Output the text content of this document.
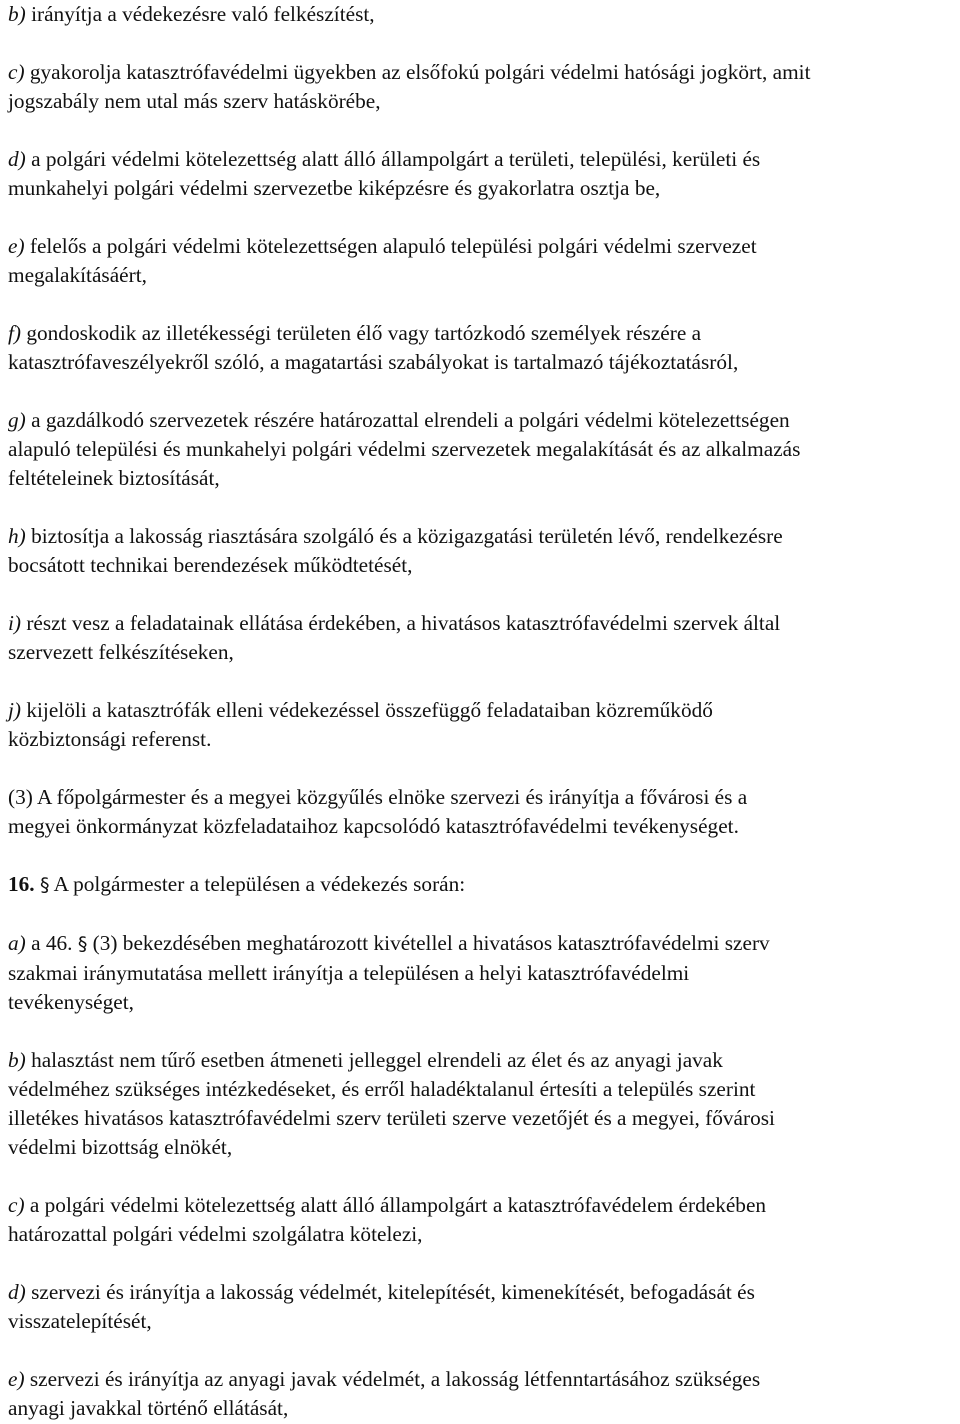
b) irányítja a védekezésre való felkészítést,

c) gyakorolja katasztrófavédelmi ügyekben az elsőfokú polgári védelmi hatósági jogkört, amit
jogszabály nem utal más szerv hatáskörébe,

d) a polgári védelmi kötelezettség alatt álló állampolgárt a területi, települési, kerületi és
munkahelyi polgári védelmi szervezetbe kiképzésre és gyakorlatra osztja be,

e) felelős a polgári védelmi kötelezettségen alapuló települési polgári védelmi szervezet
megalakításáért,

f) gondoskodik az illetékességi területen élő vagy tartózkodó személyek részére a
katasztrófaveszélyekről szóló, a magatartási szabályokat is tartalmazó tájékoztatásról,

g) a gazdálkodó szervezetek részére határozattal elrendeli a polgári védelmi kötelezettségen
alapuló települési és munkahelyi polgári védelmi szervezetek megalakítását és az alkalmazás
feltételeinek biztosítását,

h) biztosítja a lakosság riasztására szolgáló és a közigazgatási területén lévő, rendelkezésre
bocsátott technikai berendezések működtetését,

i) részt vesz a feladatainak ellátása érdekében, a hivatásos katasztrófavédelmi szervek által
szervezett felkészítéseken,

j) kijelöli a katasztrófák elleni védekezéssel összefüggő feladataiban közreműködő
közbiztonsági referenst.

(3) A főpolgármester és a megyei közgyűlés elnöke szervezi és irányítja a fővárosi és a
megyei önkormányzat közfeladataihoz kapcsolódó katasztrófavédelmi tevékenységet.

16. § A polgármester a településen a védekezés során:

a) a 46. § (3) bekezdésében meghatározott kivétellel a hivatásos katasztrófavédelmi szerv
szakmai iránymutatása mellett irányítja a településen a helyi katasztrófavédelmi
tevékenységet,

b) halasztást nem tűrő esetben átmeneti jelleggel elrendeli az élet és az anyagi javak
védelméhez szükséges intézkedéseket, és erről haladéktalanul értesíti a település szerint
illetékes hivatásos katasztrófavédelmi szerv területi szerve vezetőjét és a megyei, fővárosi
védelmi bizottság elnökét,

c) a polgári védelmi kötelezettség alatt álló állampolgárt a katasztrófavédelem érdekében
határozattal polgári védelmi szolgálatra kötelezi,

d) szervezi és irányítja a lakosság védelmét, kitelepítését, kimenekítését, befogadását és
visszatelepítését,

e) szervezi és irányítja az anyagi javak védelmét, a lakosság létfenntartásához szükséges
anyagi javakkal történő ellátását,
